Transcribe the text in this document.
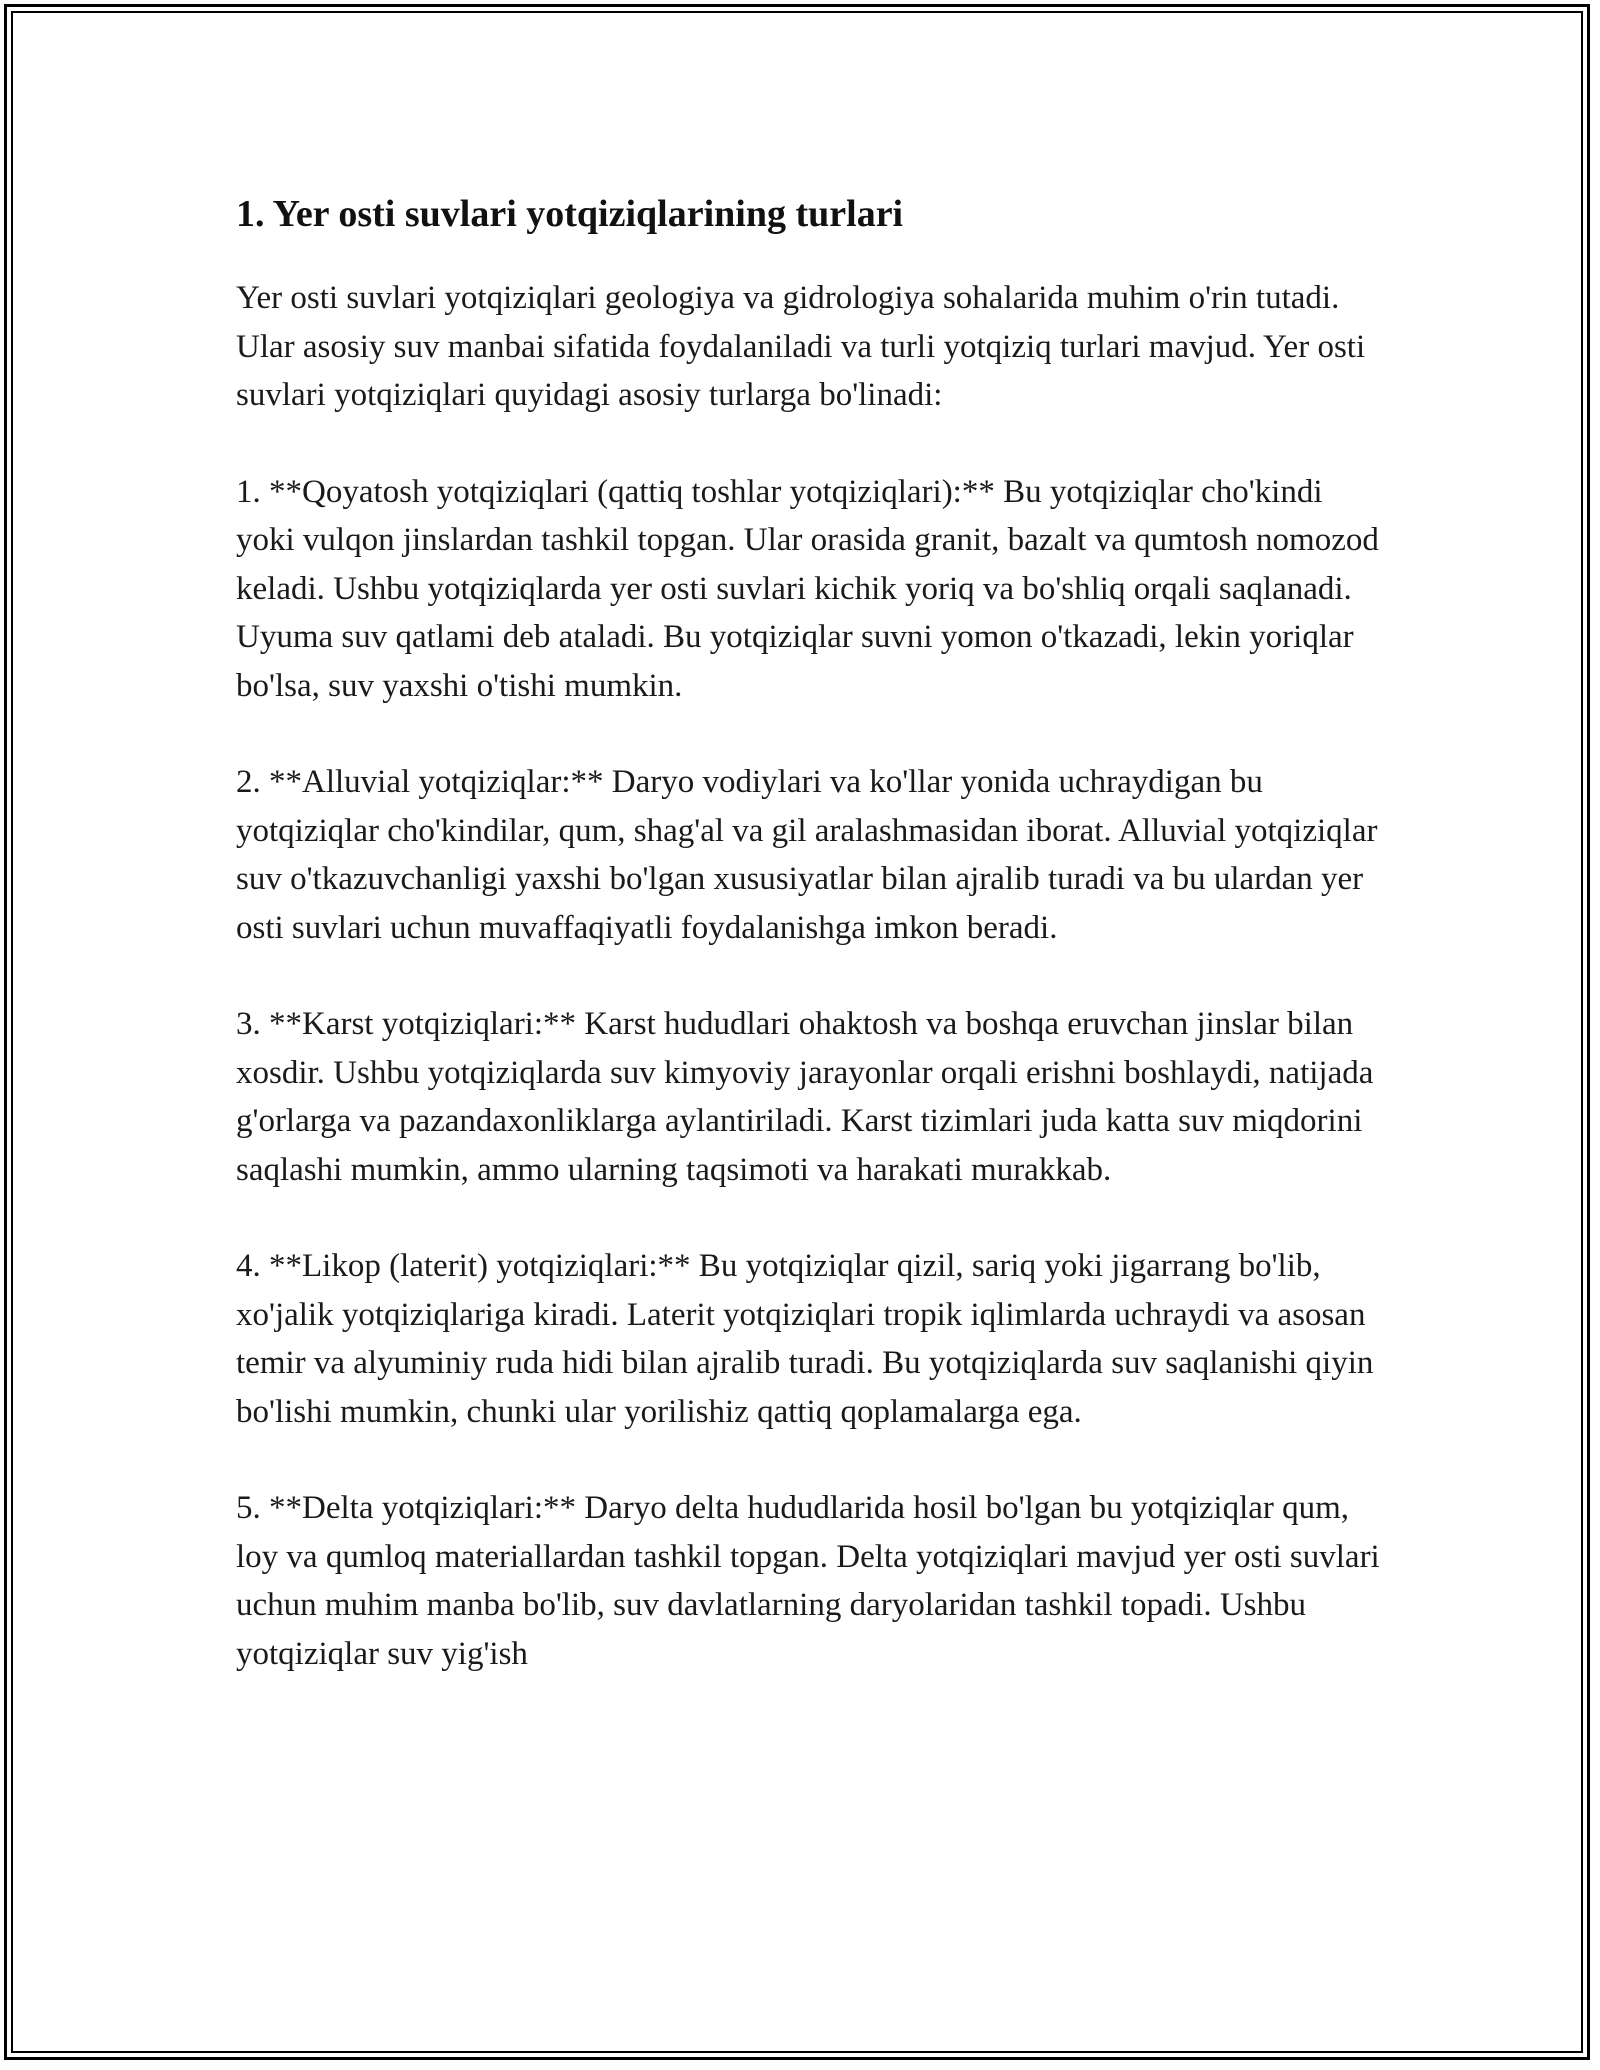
1. Yer osti suvlari yotqiziqlarining turlari

Yer osti suvlari yotqiziqlari geologiya va gidrologiya sohalarida muhim o'rin tutadi. Ular asosiy suv manbai sifatida foydalaniladi va turli yotqiziq turlari mavjud. Yer osti suvlari yotqiziqlari quyidagi asosiy turlarga bo'linadi:

1. **Qoyatosh yotqiziqlari (qattiq toshlar yotqiziqlari):** Bu yotqiziqlar cho'kindi yoki vulqon jinslardan tashkil topgan. Ular orasida granit, bazalt va qumtosh nomozod keladi. Ushbu yotqiziqlarda yer osti suvlari kichik yoriq va bo'shliq orqali saqlanadi. Uyuma suv qatlami deb ataladi. Bu yotqiziqlar suvni yomon o'tkazadi, lekin yoriqlar bo'lsa, suv yaxshi o'tishi mumkin.

2. **Alluvial yotqiziqlar:** Daryo vodiylari va ko'llar yonida uchraydigan bu yotqiziqlar cho'kindilar, qum, shag'al va gil aralashmasidan iborat. Alluvial yotqiziqlar suv o'tkazuvchanligi yaxshi bo'lgan xususiyatlar bilan ajralib turadi va bu ulardan yer osti suvlari uchun muvaffaqiyatli foydalanishga imkon beradi.

3. **Karst yotqiziqlari:** Karst hududlari ohaktosh va boshqa eruvchan jinslar bilan xosdir. Ushbu yotqiziqlarda suv kimyoviy jarayonlar orqali erishni boshlaydi, natijada g'orlarga va pazandaxonliklarga aylantiriladi. Karst tizimlari juda katta suv miqdorini saqlashi mumkin, ammo ularning taqsimoti va harakati murakkab.

4. **Likop (laterit) yotqiziqlari:** Bu yotqiziqlar qizil, sariq yoki jigarrang bo'lib, xo'jalik yotqiziqlariga kiradi. Laterit yotqiziqlari tropik iqlimlarda uchraydi va asosan temir va alyuminiy ruda hidi bilan ajralib turadi. Bu yotqiziqlarda suv saqlanishi qiyin bo'lishi mumkin, chunki ular yorilishiz qattiq qoplamalarga ega.

5. **Delta yotqiziqlari:** Daryo delta hududlarida hosil bo'lgan bu yotqiziqlar qum, loy va qumloq materiallardan tashkil topgan. Delta yotqiziqlari mavjud yer osti suvlari uchun muhim manba bo'lib, suv davlatlarning daryolaridan tashkil topadi. Ushbu yotqiziqlar suv yig'ish
